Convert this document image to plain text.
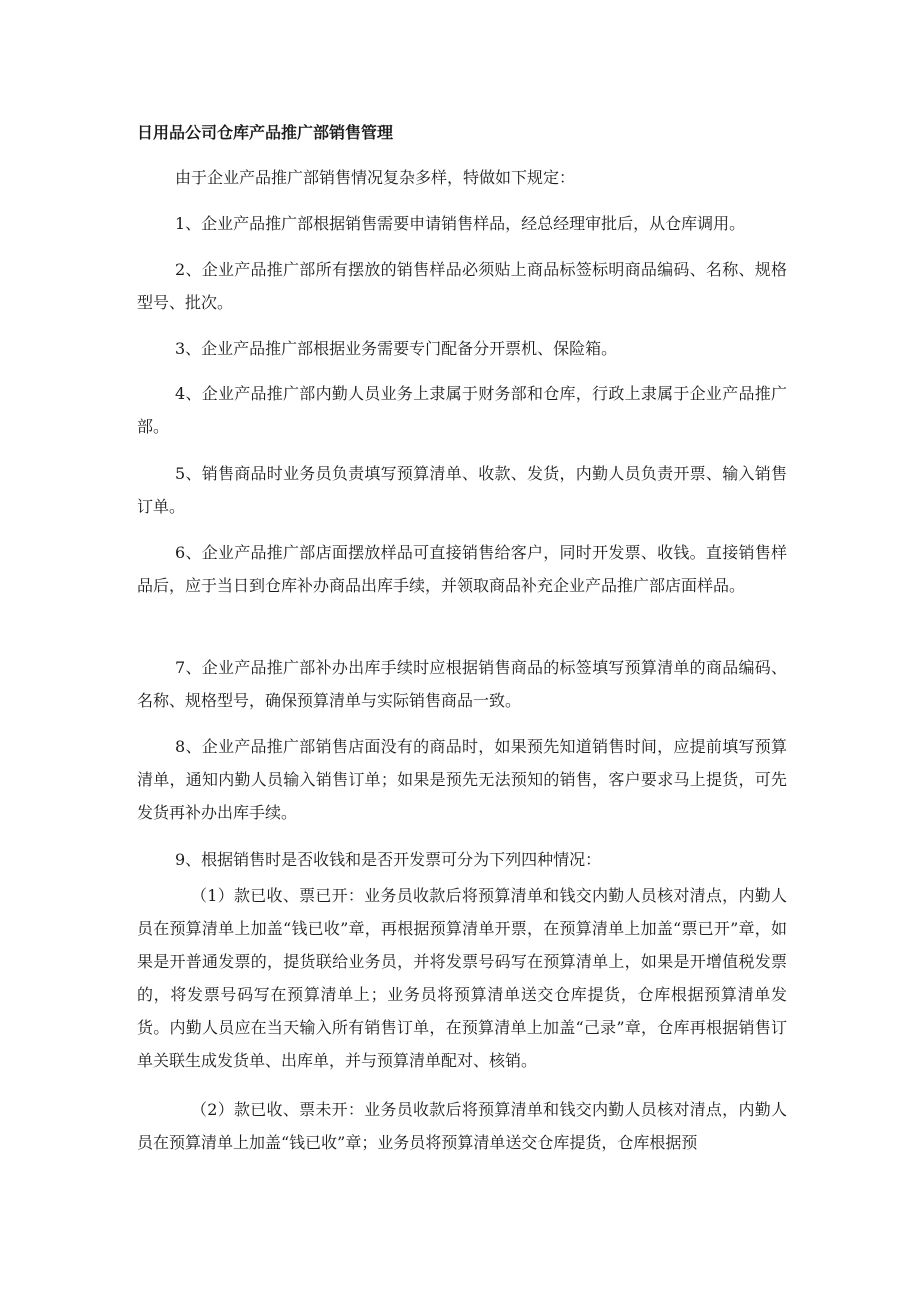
日用品公司仓库产品推广部销售管理

由于企业产品推广部销售情况复杂多样，特做如下规定：

1、企业产品推广部根据销售需要申请销售样品，经总经理审批后，从仓库调用。

2、企业产品推广部所有摆放的销售样品必须贴上商品标签标明商品编码、名称、规格型号、批次。

3、企业产品推广部根据业务需要专门配备分开票机、保险箱。

4、企业产品推广部内勤人员业务上隶属于财务部和仓库，行政上隶属于企业产品推广部。

5、销售商品时业务员负责填写预算清单、收款、发货，内勤人员负责开票、输入销售订单。

6、企业产品推广部店面摆放样品可直接销售给客户，同时开发票、收钱。直接销售样品后，应于当日到仓库补办商品出库手续，并领取商品补充企业产品推广部店面样品。

7、企业产品推广部补办出库手续时应根据销售商品的标签填写预算清单的商品编码、名称、规格型号，确保预算清单与实际销售商品一致。

8、企业产品推广部销售店面没有的商品时，如果预先知道销售时间，应提前填写预算清单，通知内勤人员输入销售订单；如果是预先无法预知的销售，客户要求马上提货，可先发货再补办出库手续。

9、根据销售时是否收钱和是否开发票可分为下列四种情况：

（1）款已收、票已开：业务员收款后将预算清单和钱交内勤人员核对清点，内勤人员在预算清单上加盖“钱已收”章，再根据预算清单开票，在预算清单上加盖“票已开”章，如果是开普通发票的，提货联给业务员，并将发票号码写在预算清单上，如果是开增值税发票的，将发票号码写在预算清单上；业务员将预算清单送交仓库提货，仓库根据预算清单发货。内勤人员应在当天输入所有销售订单，在预算清单上加盖“己录”章，仓库再根据销售订单关联生成发货单、出库单，并与预算清单配对、核销。

（2）款已收、票未开：业务员收款后将预算清单和钱交内勤人员核对清点，内勤人员在预算清单上加盖“钱已收”章；业务员将预算清单送交仓库提货，仓库根据预
